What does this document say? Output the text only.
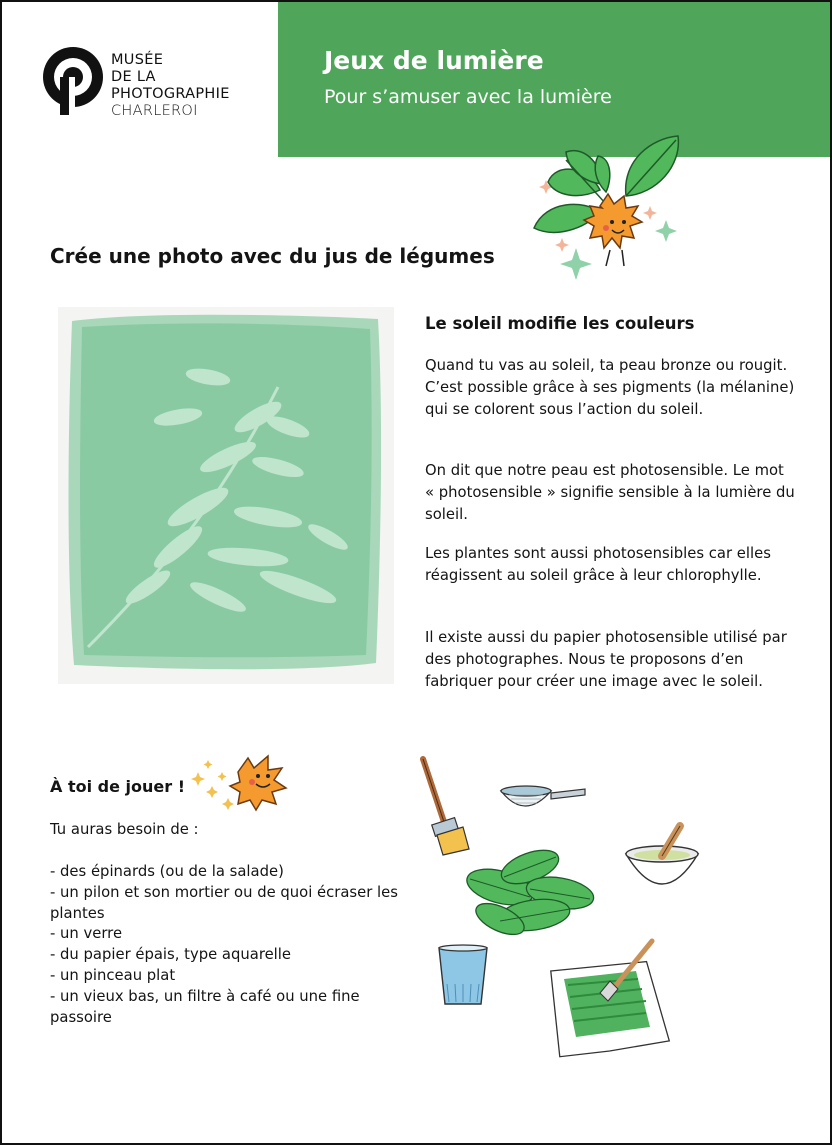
MUSÉE
DE LA
PHOTOGRAPHIE
CHARLEROI
Jeux de lumière
Pour s’amuser avec la lumière
Crée une photo avec du jus de légumes
Le soleil modifie les couleurs
Quand tu vas au soleil, ta peau bronze ou rougit. C’est possible grâce à ses pigments (la mélanine) qui se colorent sous l’action du soleil.
On dit que notre peau est photosensible. Le mot « photosensible » signifie sensible à la lumière du soleil.
Les plantes sont aussi photosensibles car elles réagissent au soleil grâce à leur chlorophylle.
Il existe aussi du papier photosensible utilisé par des photographes. Nous te proposons d’en fabriquer pour créer une image avec le soleil.
À toi de jouer !
Tu auras besoin de :
- des épinards (ou de la salade)
- un pilon et son mortier ou de quoi écraser les plantes
- un verre
- du papier épais, type aquarelle
- un pinceau plat
- un vieux bas, un filtre à café ou une fine passoire
